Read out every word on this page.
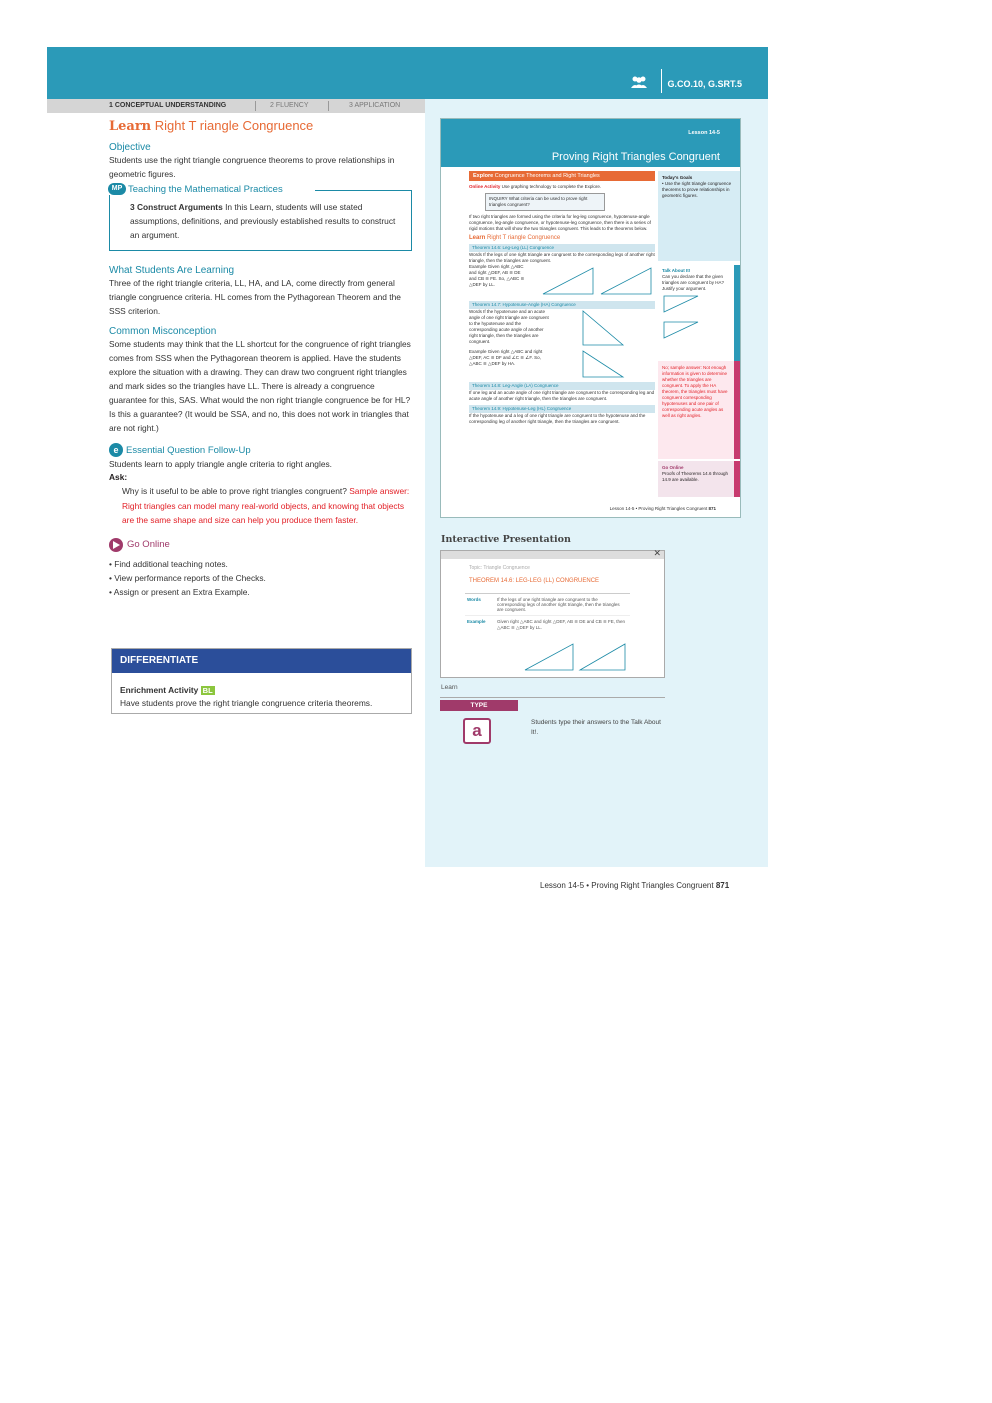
G.CO.10, G.SRT.5
1 CONCEPTUAL UNDERSTANDING	2 FLUENCY	3 APPLICATION
Learn Right T riangle Congruence
Objective
Students use the right triangle congruence theorems to prove relationships in geometric figures.
MP Teaching the Mathematical Practices
3 Construct Arguments In this Learn, students will use stated assumptions, definitions, and previously established results to construct an argument.
What Students Are Learning
Three of the right triangle criteria, LL, HA, and LA, come directly from general triangle congruence criteria. HL comes from the Pythagorean Theorem and the SSS criterion.
Common Misconception
Some students may think that the LL shortcut for the congruence of right triangles comes from SSS when the Pythagorean theorem is applied. Have the students explore the situation with a drawing. They can draw two congruent right triangles and mark sides so the triangles have LL. There is already a congruence guarantee for this, SAS. What would the non right triangle congruence be for HL? Is this a guarantee? (It would be SSA, and no, this does not work in triangles that are not right.)
e Essential Question Follow-Up
Students learn to apply triangle angle criteria to right angles.
Ask:
Why is it useful to be able to prove right triangles congruent? Sample answer: Right triangles can model many real-world objects, and knowing that objects are the same shape and size can help you produce them faster.
Go Online
• Find additional teaching notes.
• View performance reports of the Checks.
• Assign or present an Extra Example.
DIFFERENTIATE
Enrichment Activity BL
Have students prove the right triangle congruence criteria theorems.
Lesson 14-5
Proving Right Triangles Congruent
Explore Congruence Theorems and Right Triangles
Online Activity Use graphing technology to complete the Explore.
INQUIRY What criteria can be used to prove right triangles congruent?
If two right triangles are formed using the criteria for leg-leg congruence, hypotenuse-angle congruence, leg-angle congruence, or hypotenuse-leg congruence, then there is a series of rigid motions that will show the two triangles congruent. This leads to the theorems below.
Learn Right T riangle Congruence
Theorem 14.6: Leg-Leg (LL) Congruence
Words If the legs of one right triangle are congruent to the corresponding legs of another right triangle, then the triangles are congruent.
Example Given right △ABC and right △DEF, AB ≅ DE and CB ≅ FE. So, △ABC ≅ △DEF by LL.
Theorem 14.7: Hypotenuse-Angle (HA) Congruence
Words If the hypotenuse and an acute angle of one right triangle are congruent to the hypotenuse and the corresponding acute angle of another right triangle, then the triangles are congruent.
Example Given right △ABC and right △DEF, AC ≅ DF and ∠C ≅ ∠F. So, △ABC ≅ △DEF by HA.
Theorem 14.8: Leg-Angle (LA) Congruence
If one leg and an acute angle of one right triangle are congruent to the corresponding leg and acute angle of another right triangle, then the triangles are congruent.
Theorem 14.9: Hypotenuse-Leg (HL) Congruence
If the hypotenuse and a leg of one right triangle are congruent to the hypotenuse and the corresponding leg of another right triangle, then the triangles are congruent.
Today's Goals
• Use the right triangle congruence theorems to prove relationships in geometric figures.
Talk About It!
Can you declare that the given triangles are congruent by HA? Justify your argument.
No; sample answer: Not enough information is given to determine whether the triangles are congruent. To apply the HA theorem, the triangles must have congruent corresponding hypotenuses and one pair of corresponding acute angles as well as right angles.
Go Online
Proofs of Theorems 14.6 through 14.9 are available.
Lesson 14-5 • Proving Right Triangles Congruent 871
Interactive Presentation
✕
Topic: Triangle Congruence
THEOREM 14.6: LEG-LEG (LL) CONGRUENCE
Words	If the legs of one right triangle are congruent to the corresponding legs of another right triangle, then the triangles are congruent.
Example	Given right △ABC and right △DEF, AB ≅ DE and CB ≅ FE, then △ABC ≅ △DEF by LL.
Learn
TYPE
a	Students type their answers to the Talk About It!.
Lesson 14-5 • Proving Right Triangles Congruent 871
